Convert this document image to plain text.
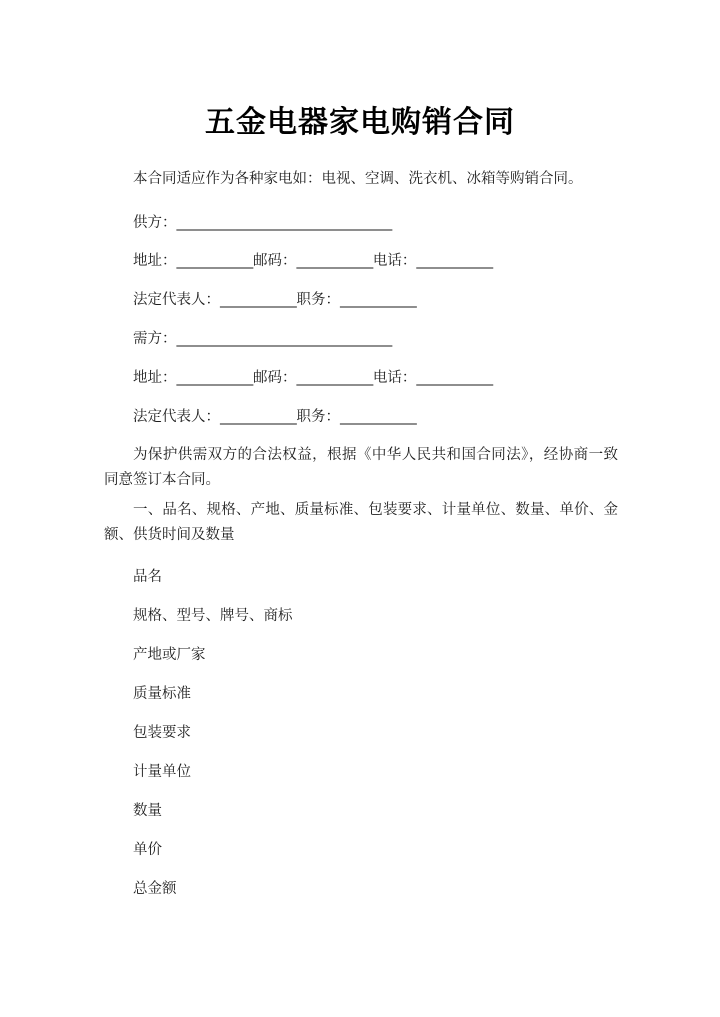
五金电器家电购销合同
本合同适应作为各种家电如：电视、空调、洗衣机、冰箱等购销合同。
供方：_______________________________
地址：___________邮码：___________电话：___________
法定代表人：___________职务：___________
需方：_______________________________
地址：___________邮码：___________电话：___________
法定代表人：___________职务：___________
为保护供需双方的合法权益，根据《中华人民共和国合同法》，经协商一致同意签订本合同。
一、品名、规格、产地、质量标准、包装要求、计量单位、数量、单价、金额、供货时间及数量
品名
规格、型号、牌号、商标
产地或厂家
质量标准
包装要求
计量单位
数量
单价
总金额
